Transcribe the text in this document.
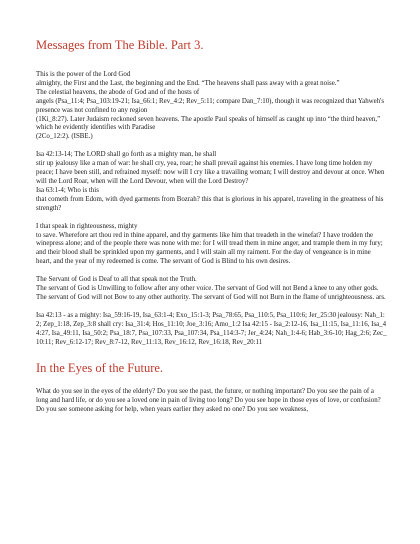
Messages from The Bible. Part 3.

This is the power of the Lord God
almighty, the First and the Last, the beginning and the End. “The heavens shall pass away with a great noise.”
The celestial heavens, the abode of God and of the hosts of
angels (Psa_11:4; Psa_103:19-21; Isa_66:1; Rev_4:2; Rev_5:11; compare Dan_7:10), though it was recognized that Yahweh's presence was not confined to any region
(1Ki_8:27). Later Judaism reckoned seven heavens. The apostle Paul speaks of himself as caught up into “the third heaven,” which he evidently identifies with Paradise
(2Co_12:2). (ISBE.)

Isa 42:13-14; The LORD shall go forth as a mighty man, he shall
stir up jealousy like a man of war: he shall cry, yea, roar; he shall prevail against his enemies. I have long time holden my peace; I have been still, and refrained myself: now will I cry like a travailing woman; I will destroy and devour at once. When will the Lord Roar, when will the Lord Devour, when will the Lord Destroy?
Isa 63:1-4; Who is this
that cometh from Edom, with dyed garments from Bozrah? this that is glorious in his apparel, traveling in the greatness of his strength?

I that speak in righteousness, mighty
to save. Wherefore art thou red in thine apparel, and thy garments like him that treadeth in the winefat? I have trodden the winepress alone; and of the people there was none with me: for I will tread them in mine anger, and trample them in my fury; and their blood shall be sprinkled upon my garments, and I will stain all my raiment. For the day of vengeance is in mine heart, and the year of my redeemed is come. The servant of God is Blind to his own desires.

The Servant of God is Deaf to all that speak not the Truth.
The servant of God is Unwilling to follow after any other voice. The servant of God will not Bend a knee to any other gods. The servant of God will not Bow to any other authority. The servant of God will not Burn in the flame of unrighteousness. ars.

Isa 42:13 - as a mighty: Isa_59:16-19, Isa_63:1-4; Exo_15:1-3; Psa_78:65, Psa_110:5, Psa_110:6; Jer_25:30 jealousy: Nah_1:2; Zep_1:18, Zep_3:8 shall cry: Isa_31:4; Hos_11:10; Joe_3:16; Amo_1:2 Isa 42:15 - Isa_2:12-16, Isa_11:15, Isa_11:16, Isa_44:27, Isa_49:11, Isa_50:2; Psa_18:7, Psa_107:33, Psa_107:34, Psa_114:3-7; Jer_4:24; Nah_1:4-6; Hab_3:6-10; Hag_2:6; Zec_10:11; Rev_6:12-17; Rev_8:7-12, Rev_11:13, Rev_16:12, Rev_16:18, Rev_20:11

In the Eyes of the Future.

What do you see in the eyes of the elderly? Do you see the past, the future, or nothing important? Do you see the pain of a long and hard life, or do you see a loved one in pain of living too long? Do you see hope in those eyes of love, or confusion? Do you see someone asking for help, when years earlier they asked no one? Do you see weakness,
